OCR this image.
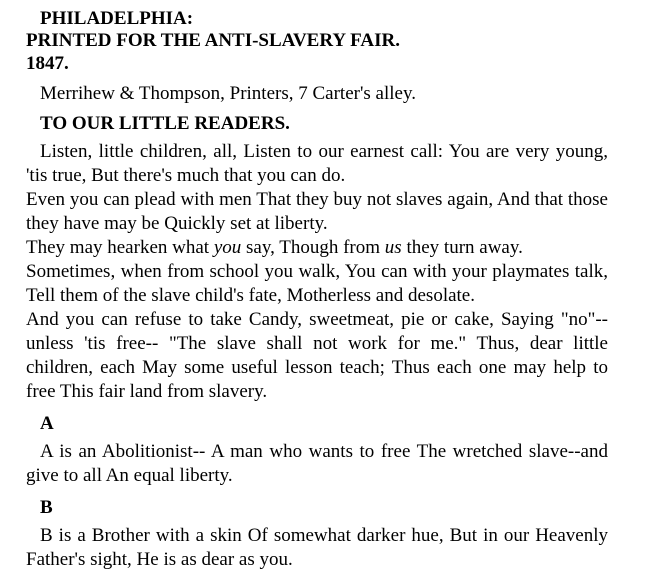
PHILADELPHIA:
PRINTED FOR THE ANTI-SLAVERY FAIR.
1847.
Merrihew & Thompson, Printers, 7 Carter's alley.
TO OUR LITTLE READERS.
Listen, little children, all, Listen to our earnest call: You are very young, 'tis true, But there's much that you can do.
Even you can plead with men That they buy not slaves again, And that those they have may be Quickly set at liberty.
They may hearken what you say, Though from us they turn away.
Sometimes, when from school you walk, You can with your playmates talk, Tell them of the slave child's fate, Motherless and desolate.
And you can refuse to take Candy, sweetmeat, pie or cake, Saying "no"--unless 'tis free-- "The slave shall not work for me." Thus, dear little children, each May some useful lesson teach; Thus each one may help to free This fair land from slavery.
A
A is an Abolitionist-- A man who wants to free The wretched slave--and give to all An equal liberty.
B
B is a Brother with a skin Of somewhat darker hue, But in our Heavenly Father's sight, He is as dear as you.
